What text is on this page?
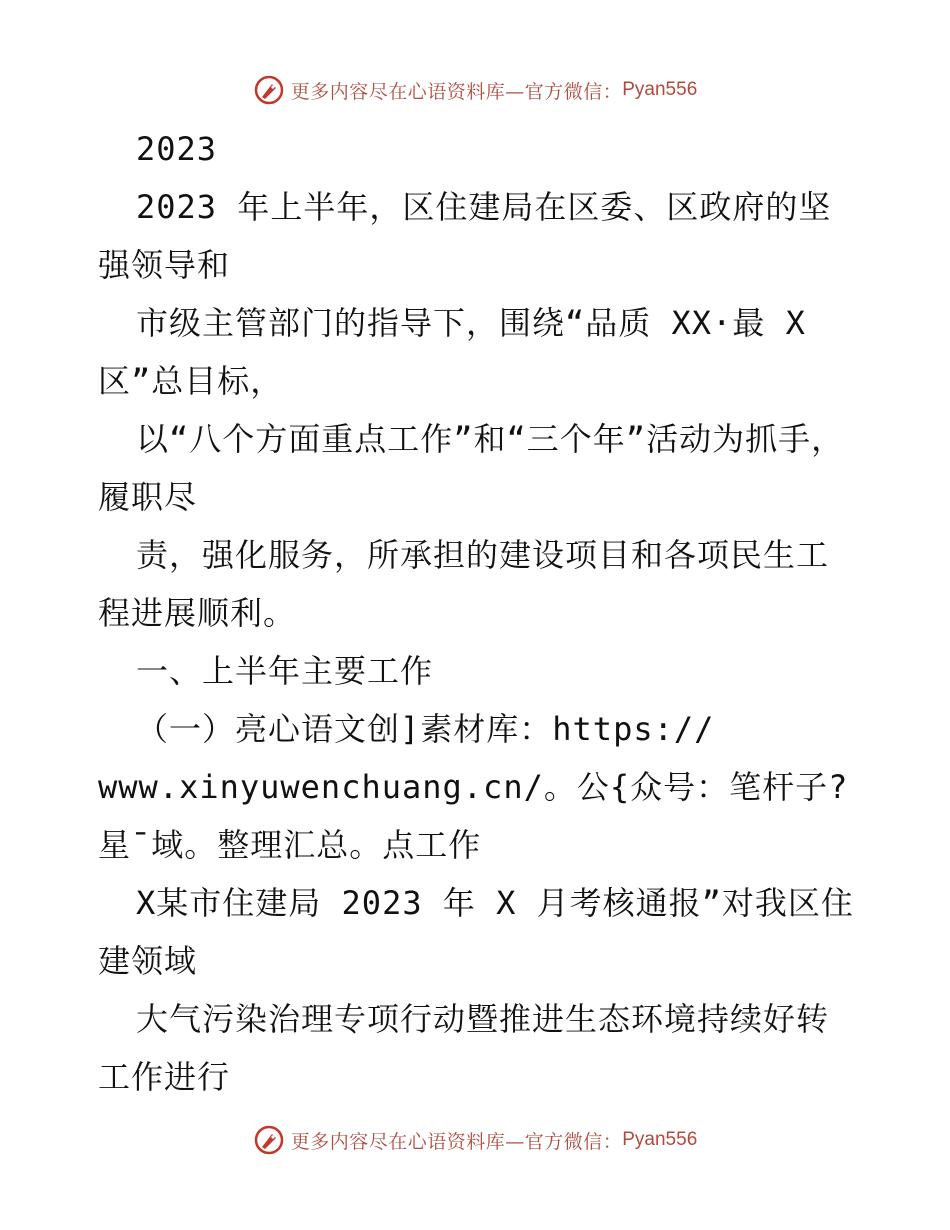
更多内容尽在心语资料库—官方微信： Pyan556

2023

2023 年上半年，区住建局在区委、区政府的坚强领导和

市级主管部门的指导下，围绕“品质 XX·最 X 区”总目标，

以“八个方面重点工作”和“三个年”活动为抓手，履职尽

责，强化服务，所承担的建设项目和各项民生工程进展顺利。

一、上半年主要工作

（一）亮心语文创]素材库：https://

www.xinyuwenchuang.cn/。公{众号：笔杆子?星¯域。整理汇总。点工作

X某市住建局 2023 年 X 月考核通报”对我区住建领域

大气污染治理专项行动暨推进生态环境持续好转工作进行

更多内容尽在心语资料库—官方微信： Pyan556
